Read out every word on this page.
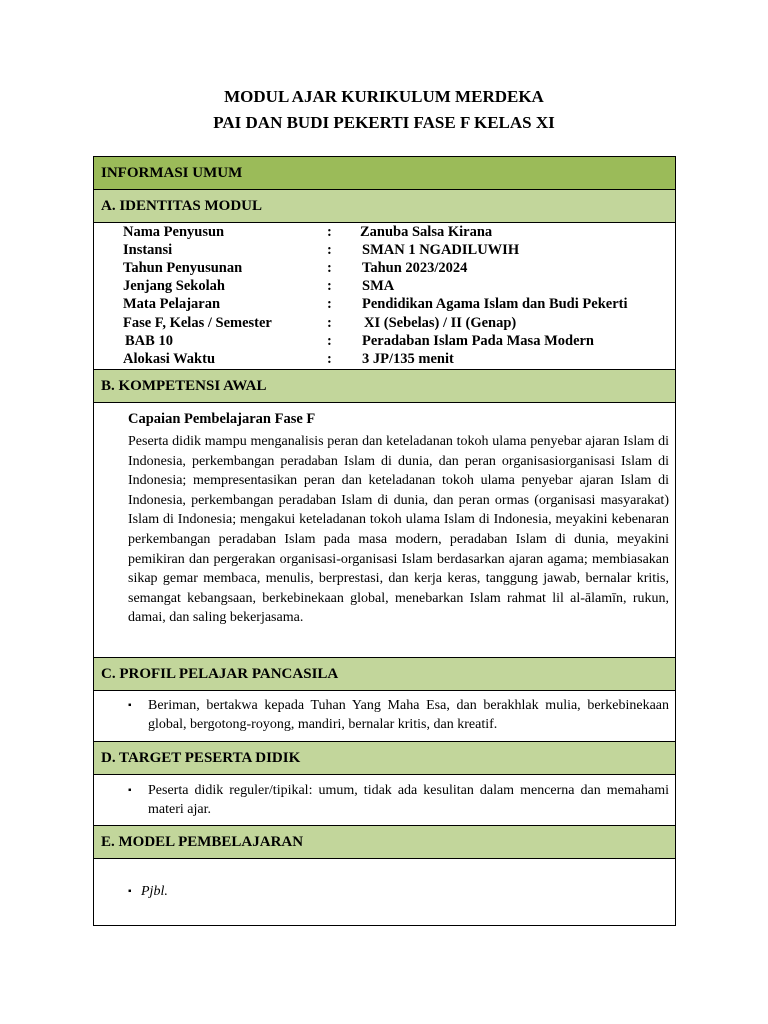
MODUL AJAR KURIKULUM MERDEKA
PAI DAN BUDI PEKERTI FASE F KELAS XI
INFORMASI UMUM

A. IDENTITAS MODUL

Nama Penyusun	: Zanuba Salsa Kirana
Instansi	: SMAN 1 NGADILUWIH
Tahun Penyusunan	: Tahun 2023/2024
Jenjang Sekolah	: SMA
Mata Pelajaran	: Pendidikan Agama Islam dan Budi Pekerti
Fase F, Kelas / Semester	: XI (Sebelas) / II (Genap)
BAB 10	: Peradaban Islam Pada Masa Modern
Alokasi Waktu	: 3 JP/135 menit

B. KOMPETENSI AWAL

Capaian Pembelajaran Fase F
Peserta didik mampu menganalisis peran dan keteladanan tokoh ulama penyebar ajaran Islam di Indonesia, perkembangan peradaban Islam di dunia, dan peran organisasiorganisasi Islam di Indonesia; mempresentasikan peran dan keteladanan tokoh ulama penyebar ajaran Islam di Indonesia, perkembangan peradaban Islam di dunia, dan peran ormas (organisasi masyarakat) Islam di Indonesia; mengakui keteladanan tokoh ulama Islam di Indonesia, meyakini kebenaran perkembangan peradaban Islam pada masa modern, peradaban Islam di dunia, meyakini pemikiran dan pergerakan organisasi-organisasi Islam berdasarkan ajaran agama; membiasakan sikap gemar membaca, menulis, berprestasi, dan kerja keras, tanggung jawab, bernalar kritis, semangat kebangsaan, berkebinekaan global, menebarkan Islam rahmat lil al-ālamīn, rukun, damai, dan saling bekerjasama.

C. PROFIL PELAJAR PANCASILA

▪	Beriman, bertakwa kepada Tuhan Yang Maha Esa, dan berakhlak mulia, berkebinekaan global, bergotong-royong, mandiri, bernalar kritis, dan kreatif.

D. TARGET PESERTA DIDIK

▪	Peserta didik reguler/tipikal: umum, tidak ada kesulitan dalam mencerna dan memahami materi ajar.

E. MODEL PEMBELAJARAN

▪ Pjbl.
